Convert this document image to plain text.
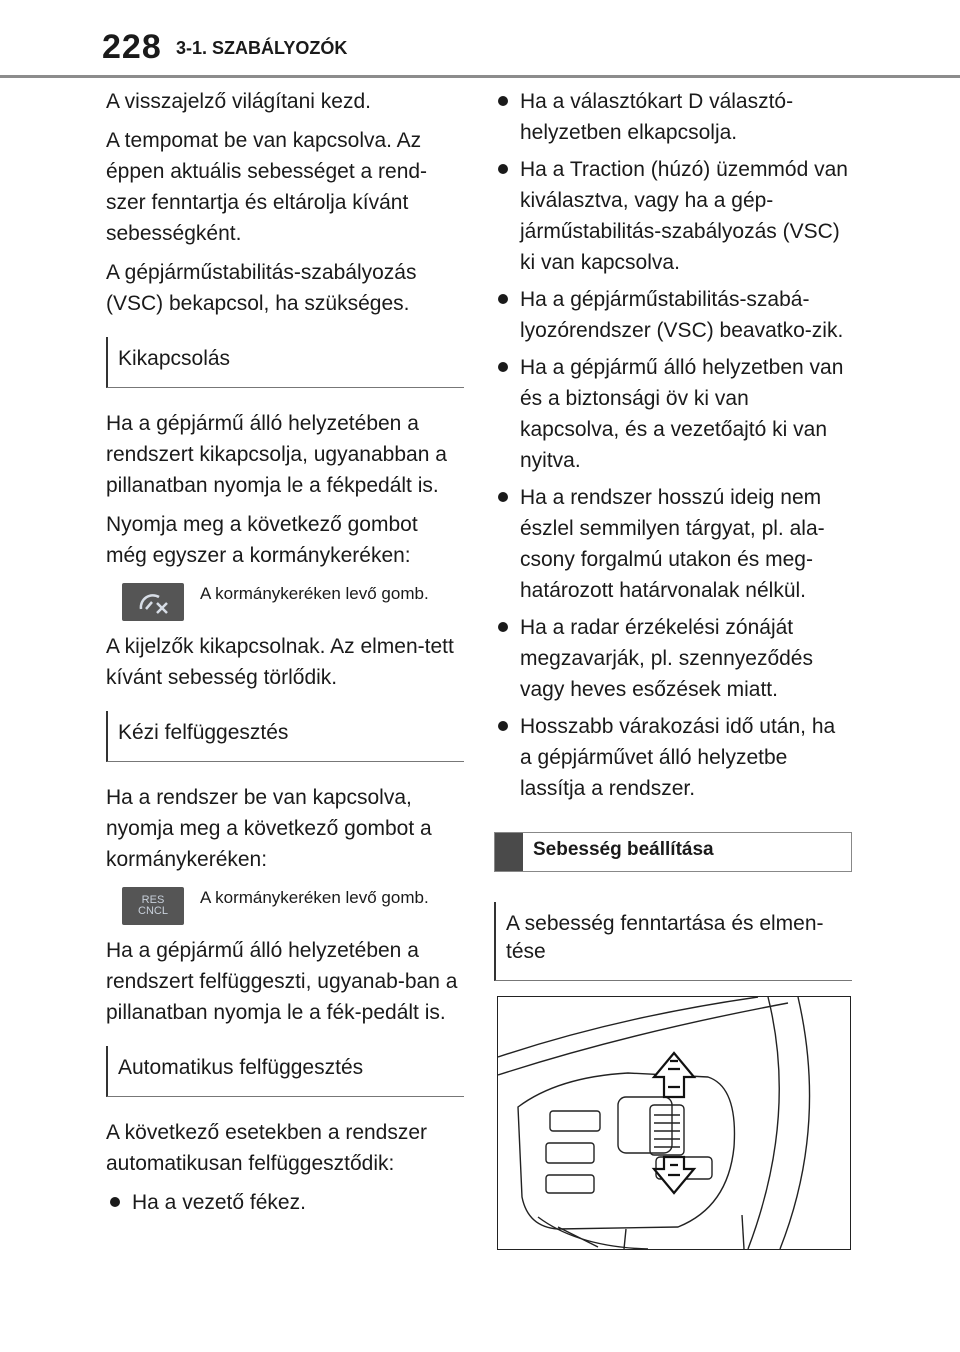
228 3-1. SZABÁLYOZÓK

A visszajelző világítani kezd.

A tempomat be van kapcsolva. Az éppen aktuális sebességet a rend-szer fenntartja és eltárolja kívánt sebességként.

A gépjárműstabilitás-szabályozás (VSC) bekapcsol, ha szükséges.

Kikapcsolás

Ha a gépjármű álló helyzetében a rendszert kikapcsolja, ugyanabban a pillanatban nyomja le a fékpedált is.

Nyomja meg a következő gombot még egyszer a kormánykeréken:

A kormánykeréken levő gomb.

A kijelzők kikapcsolnak. Az elmen-tett kívánt sebesség törlődik.

Kézi felfüggesztés

Ha a rendszer be van kapcsolva, nyomja meg a következő gombot a kormánykeréken:

RES
CNCL
A kormánykeréken levő gomb.

Ha a gépjármű álló helyzetében a rendszert felfüggeszti, ugyanab-ban a pillanatban nyomja le a fék-pedált is.

Automatikus felfüggesztés

A következő esetekben a rendszer automatikusan felfüggesztődik:

Ha a vezető fékez.
Ha a választókart D választó-helyzetben elkapcsolja.
Ha a Traction (húzó) üzemmód van kiválasztva, vagy ha a gép-járműstabilitás-szabályozás (VSC) ki van kapcsolva.
Ha a gépjárműstabilitás-szabá-lyozórendszer (VSC) beavatko-zik.
Ha a gépjármű álló helyzetben van és a biztonsági öv ki van kapcsolva, és a vezetőajtó ki van nyitva.
Ha a rendszer hosszú ideig nem észlel semmilyen tárgyat, pl. ala-csony forgalmú utakon és meg-határozott határvonalak nélkül.
Ha a radar érzékelési zónáját megzavarják, pl. szennyeződés vagy heves esőzések miatt.
Hosszabb várakozási idő után, ha a gépjárművet álló helyzetbe lassítja a rendszer.
Sebesség beállítása
A sebesség fenntartása és elmen-tése
